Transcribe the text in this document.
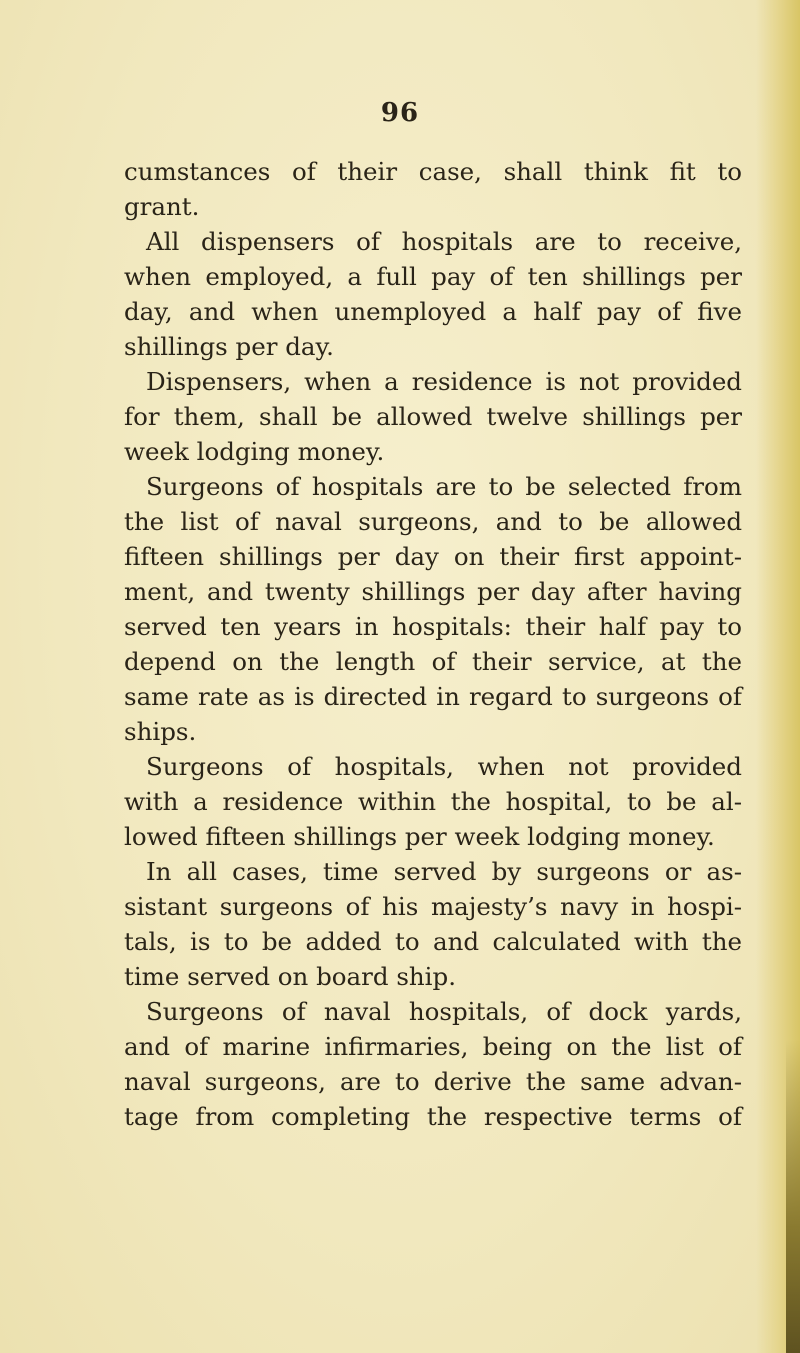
96
cumstances of their case, shall think fit to
grant.
All dispensers of hospitals are to receive,
when employed, a full pay of ten shillings per
day, and when unemployed a half pay of five
shillings per day.
Dispensers, when a residence is not provided
for them, shall be allowed twelve shillings per
week lodging money.
Surgeons of hospitals are to be selected from
the list of naval surgeons, and to be allowed
fifteen shillings per day on their first appoint-
ment, and twenty shillings per day after having
served ten years in hospitals: their half pay to
depend on the length of their service, at the
same rate as is directed in regard to surgeons of
ships.
Surgeons of hospitals, when not provided
with a residence within the hospital, to be al-
lowed fifteen shillings per week lodging money.
In all cases, time served by surgeons or as-
sistant surgeons of his majesty’s navy in hospi-
tals, is to be added to and calculated with the
time served on board ship.
Surgeons of naval hospitals, of dock yards,
and of marine infirmaries, being on the list of
naval surgeons, are to derive the same advan-
tage from completing the respective terms of
